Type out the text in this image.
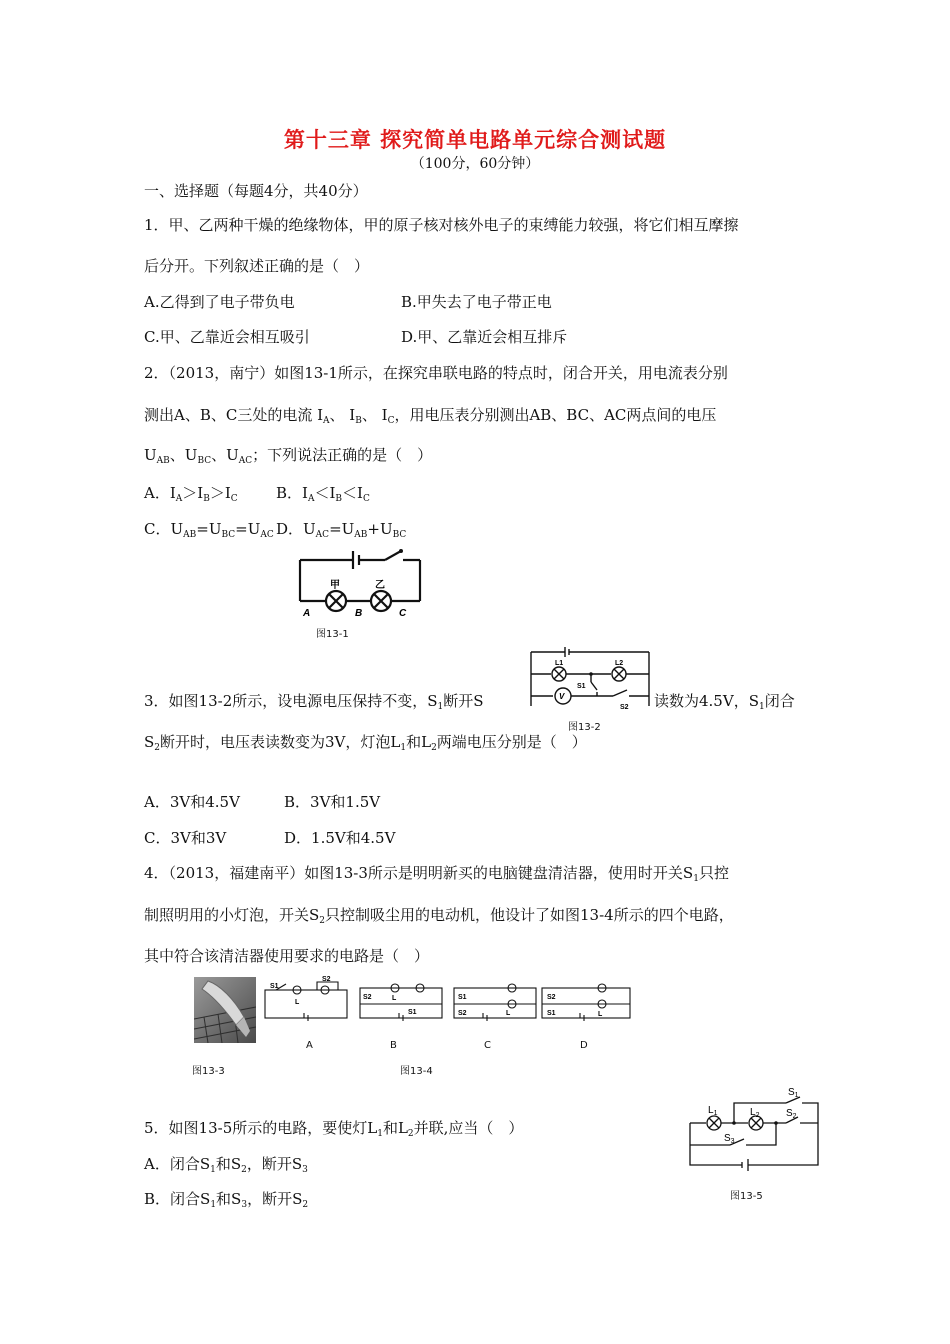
第十三章 探究简单电路单元综合测试题
（100分，60分钟）
一、选择题（每题4分，共40分）
1．甲、乙两种干燥的绝缘物体，甲的原子核对核外电子的束缚能力较强，将它们相互摩擦
后分开。下列叙述正确的是（　）
A.乙得到了电子带负电	B.甲失去了电子带正电
C.甲、乙靠近会相互吸引	D.甲、乙靠近会相互排斥
2．（2013，南宁）如图13-1所示，在探究串联电路的特点时，闭合开关，用电流表分别
测出A、B、C三处的电流 $I_A$、 $I_B$、 $I_C$，用电压表分别测出AB、BC、AC两点间的电压
$U_{AB}$、$U_{BC}$、$U_{AC}$；下列说法正确的是（　）
A．$I_A>I_B>I_C$	B．$I_A<I_B<I_C$
C．$U_{AB}=U_{BC}=U_{AC}$ D．$U_{AC}=U_{AB}+U_{BC}$
甲	乙
A	B	C
图13-1
3．如图13-2所示，设电源电压保持不变，$S_1$断开S	读数为4.5V，$S_1$闭合
$S_2$断开时，电压表读数变为3V，灯泡$L_1$和$L_2$两端电压分别是（　）
A．3V和4.5V	B．3V和1.5V
C．3V和3V	D．1.5V和4.5V
L1	L2
S1
S2
V
图13-2
4．（2013，福建南平）如图13-3所示是明明新买的电脑键盘清洁器，使用时开关$S_1$只控
制照明用的小灯泡，开关$S_2$只控制吸尘用的电动机，他设计了如图13-4所示的四个电路，
其中符合该清洁器使用要求的电路是（　）
图13-3
S1
S2
L
S2	L
S1
S1
S2	L
S2
S1	L
A	B	C	D
图13-4
5．如图13-5所示的电路，要使灯$L_1$和$L_2$并联,应当（　）
A．闭合$S_1$和$S_2$，断开$S_3$
B．闭合$S_1$和$S_3$，断开$S_2$
$L_1$	$L_2$
$S_1$
$S_2$
$S_3$
图13-5
